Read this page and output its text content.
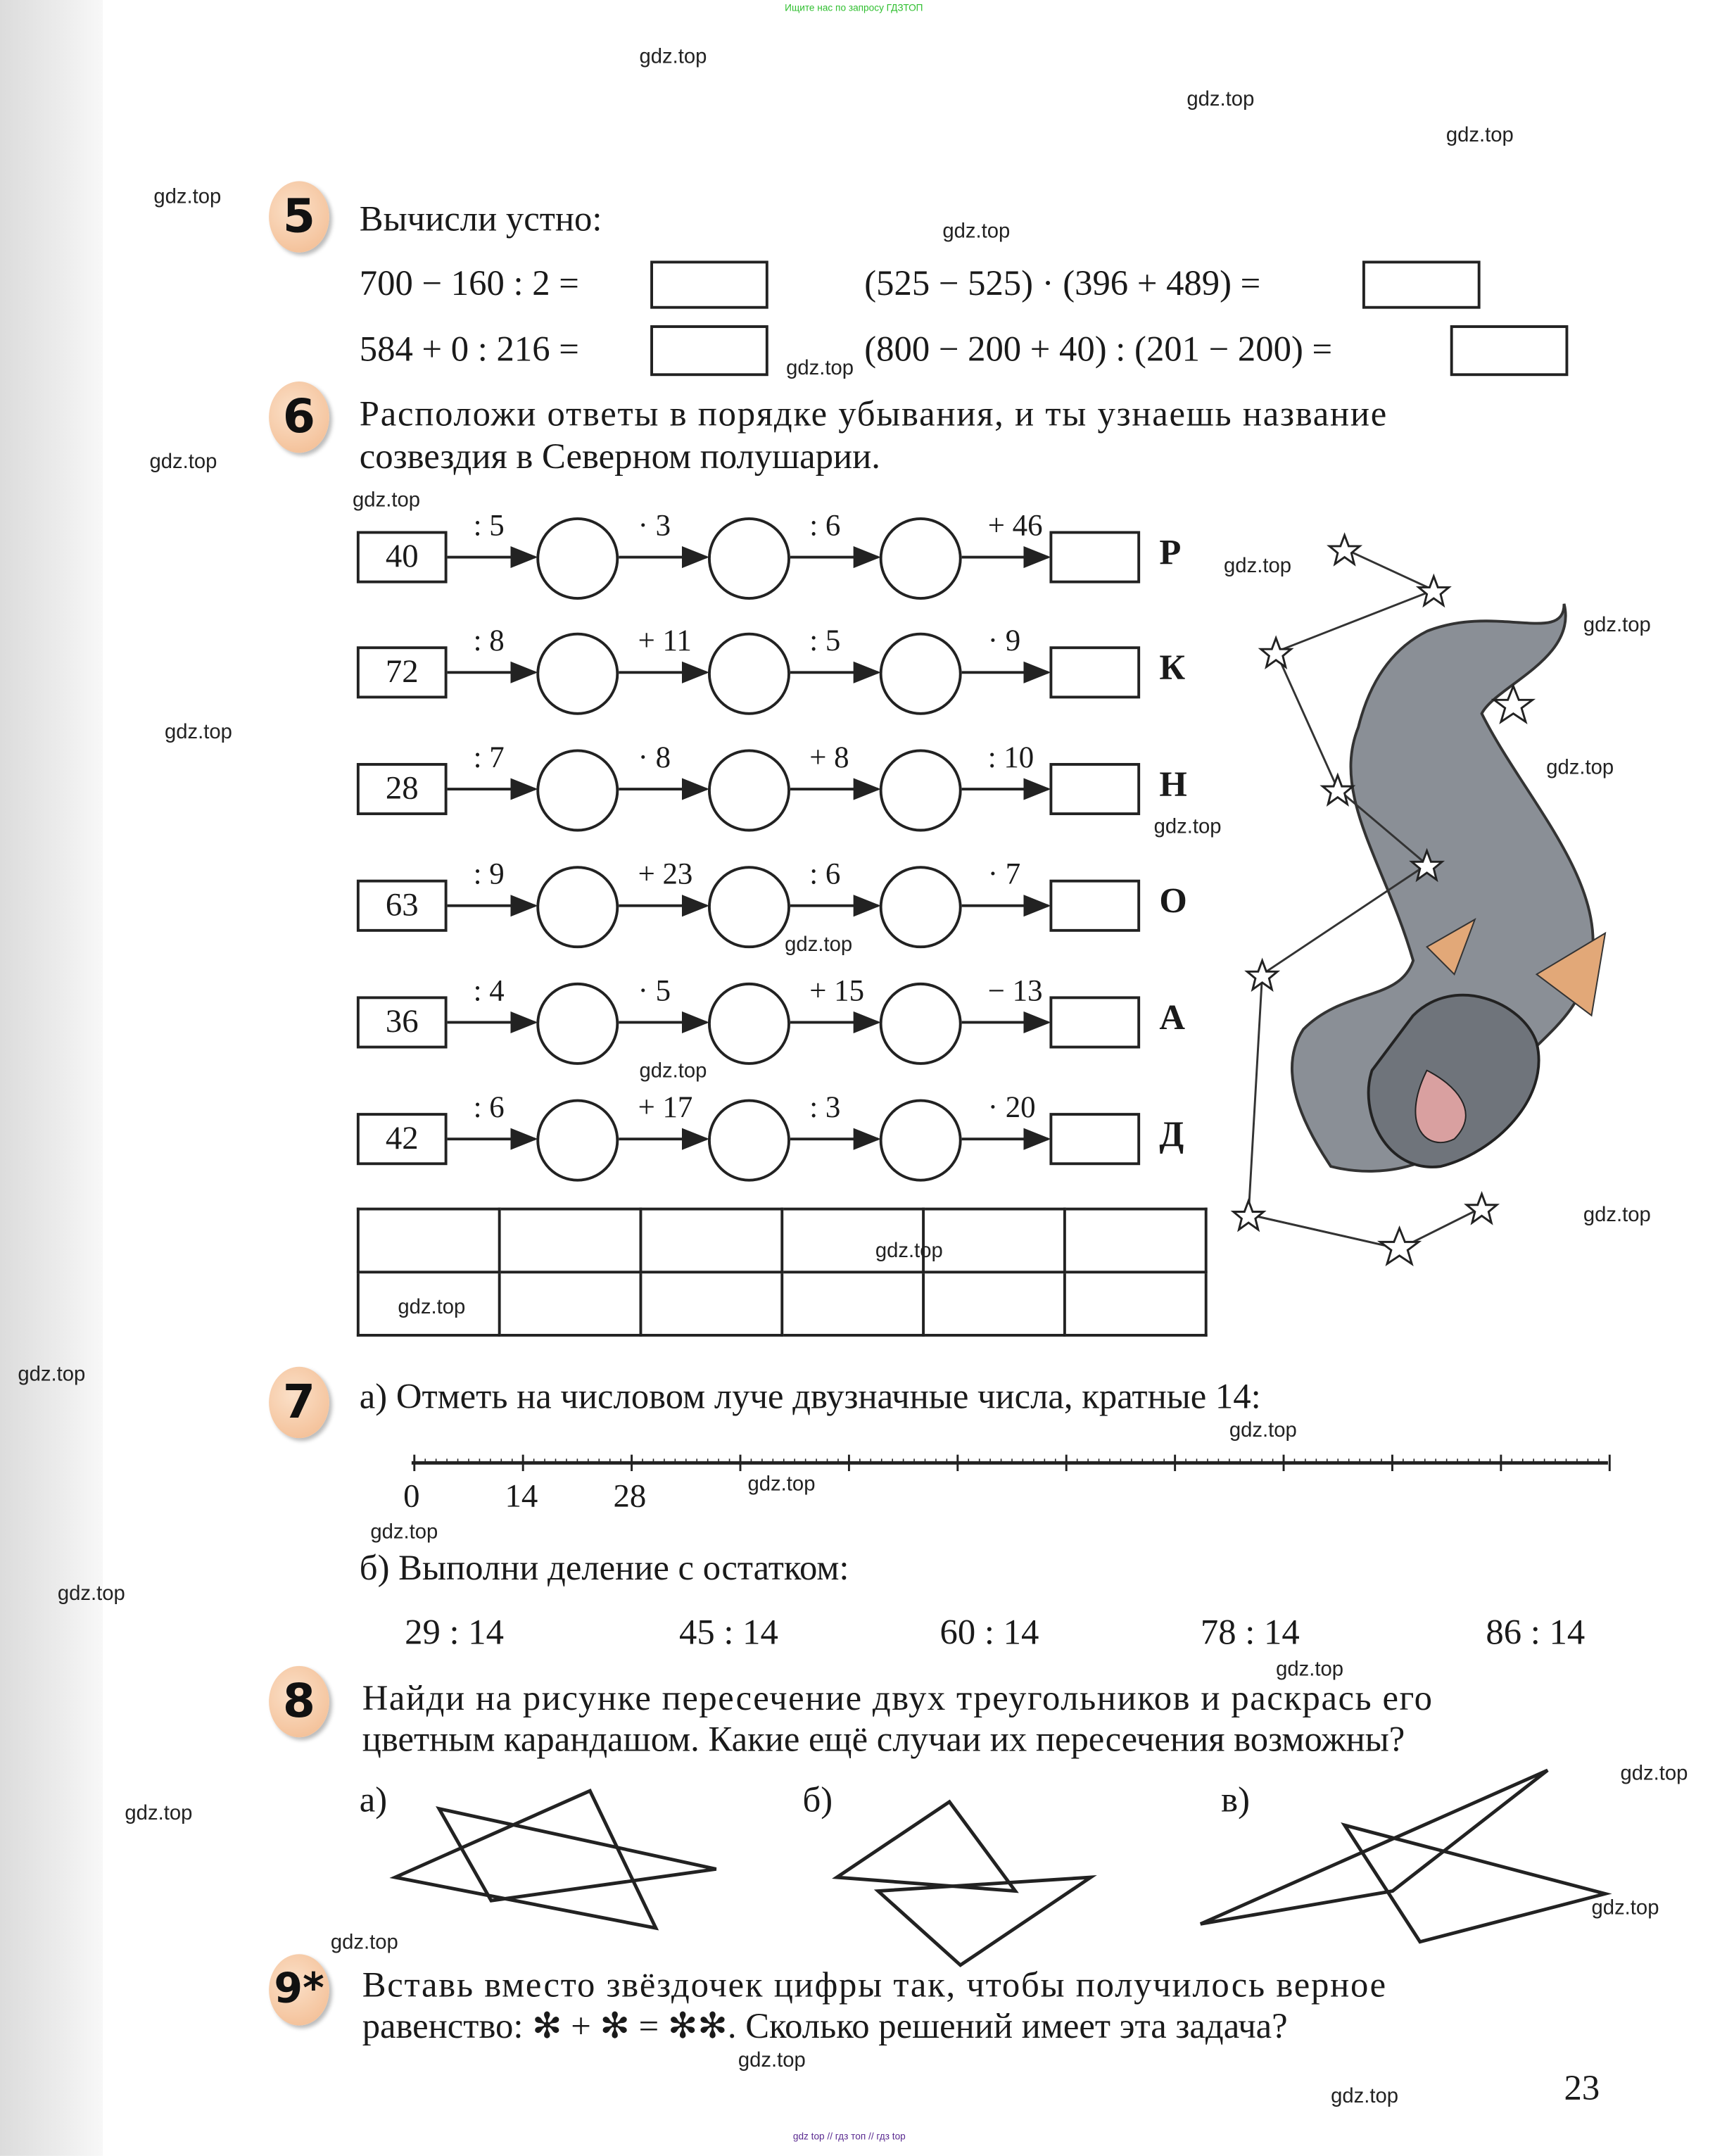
Ищите нас по запросу ГДЗТОП
gdz.top
gdz.top
gdz.top
gdz.top
gdz.top
gdz.top
gdz.top
gdz.top
gdz.top
gdz.top
gdz.top
gdz.top
gdz.top
gdz.top
gdz.top
gdz.top
gdz.top
gdz.top
gdz.top
gdz.top
gdz.top
gdz.top
gdz.top
gdz.top
gdz.top
gdz.top
gdz.top
gdz.top
gdz.top
gdz.top
5	Вычисли устно:
700 − 160 : 2 =	(525 − 525) · (396 + 489) =
584 + 0 : 216 =	(800 − 200 + 40) : (201 − 200) =
6	Расположи ответы в порядке убывания, и ты узнаешь название
созвездия в Северном полушарии.
40	Р
: 5	· 3	: 6	+ 46
72	К
: 8	+ 11	: 5	· 9
28	Н
: 7	· 8	+ 8	: 10
63	О
: 9	+ 23	: 6	· 7
36	А
: 4	· 5	+ 15	− 13
42	Д
: 6	+ 17	: 3	· 20

7	а) Отметь на числовом луче двузначные числа, кратные 14:
0	14	28
б) Выполни деление с остатком:
29 : 14	45 : 14	60 : 14	78 : 14	86 : 14
8	Найди на рисунке пересечение двух треугольников и раскрась его
цветным карандашом. Какие ещё случаи их пересечения возможны?
а)	б)	в)
9* Вставь вместо звёздочек цифры так, чтобы получилось верное
равенство: ✻ + ✻ = ✻✻. Сколько решений имеет эта задача?
23
gdz top // гдз топ // гдз top
